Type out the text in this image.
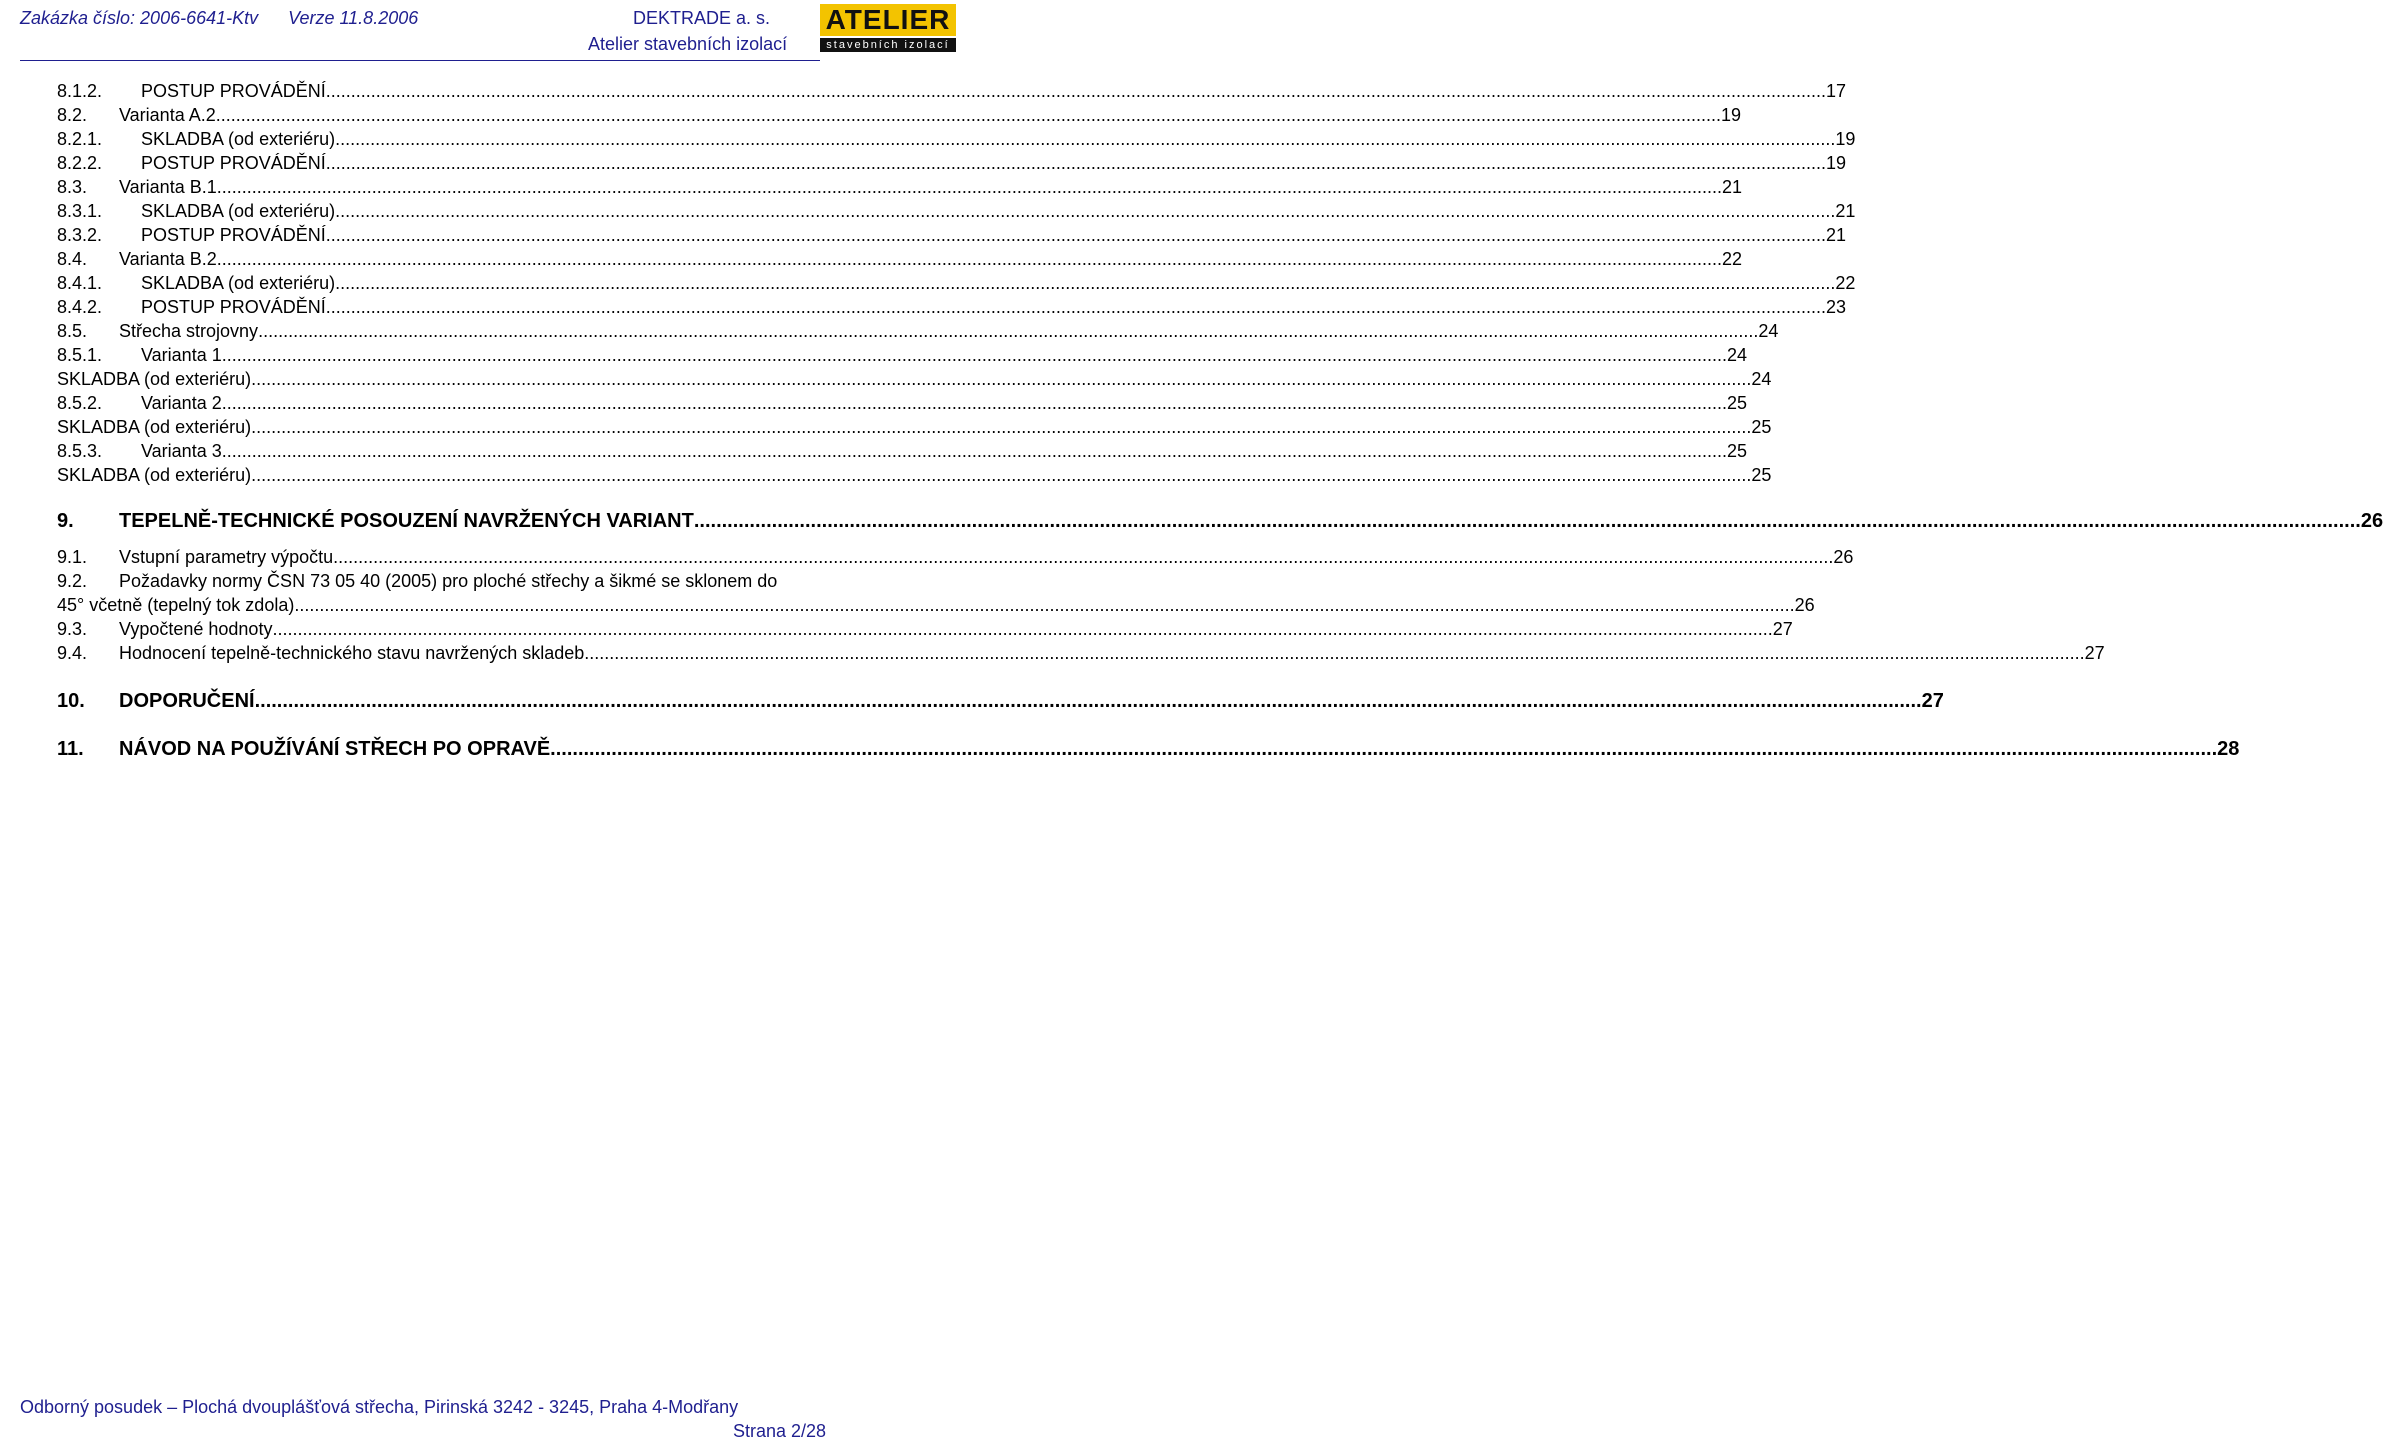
Zakázka číslo: 2006-6641-Ktv Verze 11.8.2006	DEKTRADE a. s.
Atelier stavebních izolací
ATELIER
stavebních izolací
8.1.2. POSTUP PROVÁDĚNÍ ............................................................................................................................................................................................................................................................................................................ 17
8.2. Varianta A.2. ............................................................................................................................................................................................................................................................................................................ 19
8.2.1. SKLADBA (od exteriéru) ............................................................................................................................................................................................................................................................................................................ 19
8.2.2. POSTUP PROVÁDĚNÍ ............................................................................................................................................................................................................................................................................................................ 19
8.3. Varianta B.1. ............................................................................................................................................................................................................................................................................................................ 21
8.3.1. SKLADBA (od exteriéru) ............................................................................................................................................................................................................................................................................................................ 21
8.3.2. POSTUP PROVÁDĚNÍ ............................................................................................................................................................................................................................................................................................................ 21
8.4. Varianta B.2. ............................................................................................................................................................................................................................................................................................................ 22
8.4.1. SKLADBA (od exteriéru) ............................................................................................................................................................................................................................................................................................................ 22
8.4.2. POSTUP PROVÁDĚNÍ ............................................................................................................................................................................................................................................................................................................ 23
8.5. Střecha strojovny ............................................................................................................................................................................................................................................................................................................ 24
8.5.1. Varianta 1. ............................................................................................................................................................................................................................................................................................................ 24
SKLADBA (od exteriéru) ............................................................................................................................................................................................................................................................................................................ 24
8.5.2. Varianta 2. ............................................................................................................................................................................................................................................................................................................ 25
SKLADBA (od exteriéru) ............................................................................................................................................................................................................................................................................................................ 25
8.5.3. Varianta 3. ............................................................................................................................................................................................................................................................................................................ 25
SKLADBA (od exteriéru) ............................................................................................................................................................................................................................................................................................................ 25
9. TEPELNĚ-TECHNICKÉ POSOUZENÍ NAVRŽENÝCH VARIANT ............................................................................................................................................................................................................................................................................................................ 26
9.1. Vstupní parametry výpočtu ............................................................................................................................................................................................................................................................................................................ 26
9.2. Požadavky normy ČSN 73 05 40 (2005) pro ploché střechy a šikmé se sklonem do
45° včetně (tepelný tok zdola) ............................................................................................................................................................................................................................................................................................................ 26
9.3. Vypočtené hodnoty ............................................................................................................................................................................................................................................................................................................ 27
9.4. Hodnocení tepelně-technického stavu navržených skladeb ............................................................................................................................................................................................................................................................................................................ 27
10. DOPORUČENÍ ............................................................................................................................................................................................................................................................................................................ 27
11. NÁVOD NA POUŽÍVÁNÍ STŘECH PO OPRAVĚ ............................................................................................................................................................................................................................................................................................................ 28
Odborný posudek – Plochá dvouplášťová střecha, Pirinská 3242 - 3245, Praha 4-Modřany
Strana 2/28
